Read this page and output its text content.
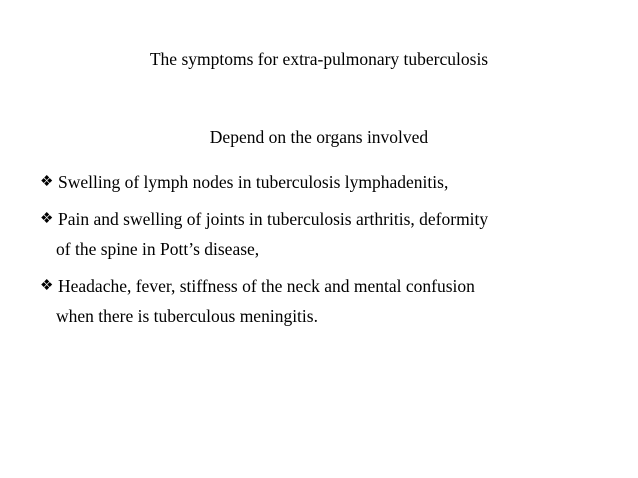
The symptoms for extra-pulmonary tuberculosis
Depend on the organs involved
❖ Swelling of lymph nodes in tuberculosis lymphadenitis,
❖ Pain and swelling of joints in tuberculosis arthritis, deformity
of the spine in Pott’s disease,
❖ Headache, fever, stiffness of the neck and mental confusion
when there is tuberculous meningitis.
